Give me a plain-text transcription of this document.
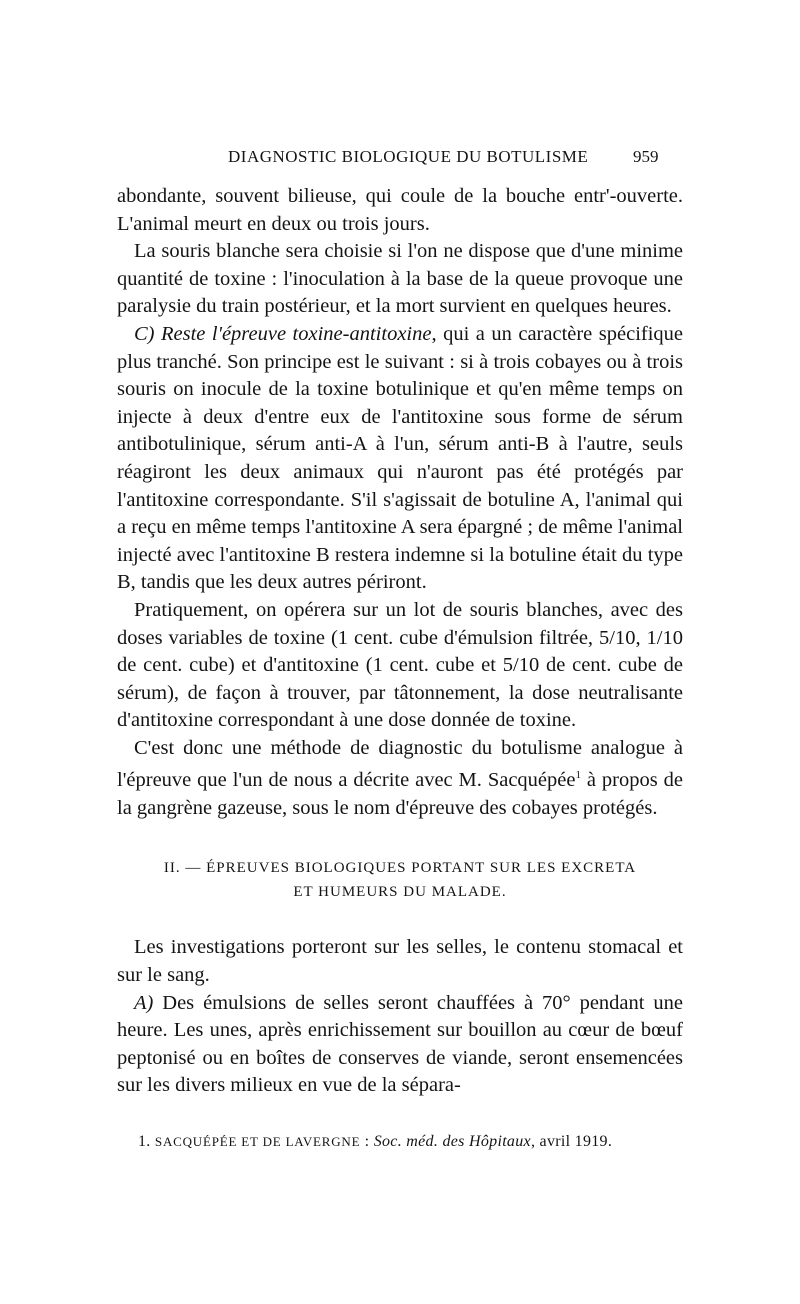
DIAGNOSTIC BIOLOGIQUE DU BOTULISME	959

abondante, souvent bilieuse, qui coule de la bouche entr'-ouverte. L'animal meurt en deux ou trois jours.

La souris blanche sera choisie si l'on ne dispose que d'une minime quantité de toxine : l'inoculation à la base de la queue provoque une paralysie du train postérieur, et la mort survient en quelques heures.

C) Reste l'épreuve toxine-antitoxine, qui a un caractère spécifique plus tranché. Son principe est le suivant : si à trois cobayes ou à trois souris on inocule de la toxine botulinique et qu'en même temps on injecte à deux d'entre eux de l'antitoxine sous forme de sérum antibotulinique, sérum anti-A à l'un, sérum anti-B à l'autre, seuls réagiront les deux animaux qui n'auront pas été protégés par l'antitoxine correspondante. S'il s'agissait de botuline A, l'animal qui a reçu en même temps l'antitoxine A sera épargné ; de même l'animal injecté avec l'antitoxine B restera indemne si la botuline était du type B, tandis que les deux autres périront.

Pratiquement, on opérera sur un lot de souris blanches, avec des doses variables de toxine (1 cent. cube d'émulsion filtrée, 5/10, 1/10 de cent. cube) et d'antitoxine (1 cent. cube et 5/10 de cent. cube de sérum), de façon à trouver, par tâtonnement, la dose neutralisante d'antitoxine correspondant à une dose donnée de toxine.

C'est donc une méthode de diagnostic du botulisme analogue à l'épreuve que l'un de nous a décrite avec M. Sacquépée$^1$ à propos de la gangrène gazeuse, sous le nom d'épreuve des cobayes protégés.

II. — ÉPREUVES BIOLOGIQUES PORTANT SUR LES EXCRETA
ET HUMEURS DU MALADE.

Les investigations porteront sur les selles, le contenu stomacal et sur le sang.

A) Des émulsions de selles seront chauffées à 70° pendant une heure. Les unes, après enrichissement sur bouillon au cœur de bœuf peptonisé ou en boîtes de conserves de viande, seront ensemencées sur les divers milieux en vue de la sépara-

1. SACQUÉPÉE ET DE LAVERGNE : Soc. méd. des Hôpitaux, avril 1919.
